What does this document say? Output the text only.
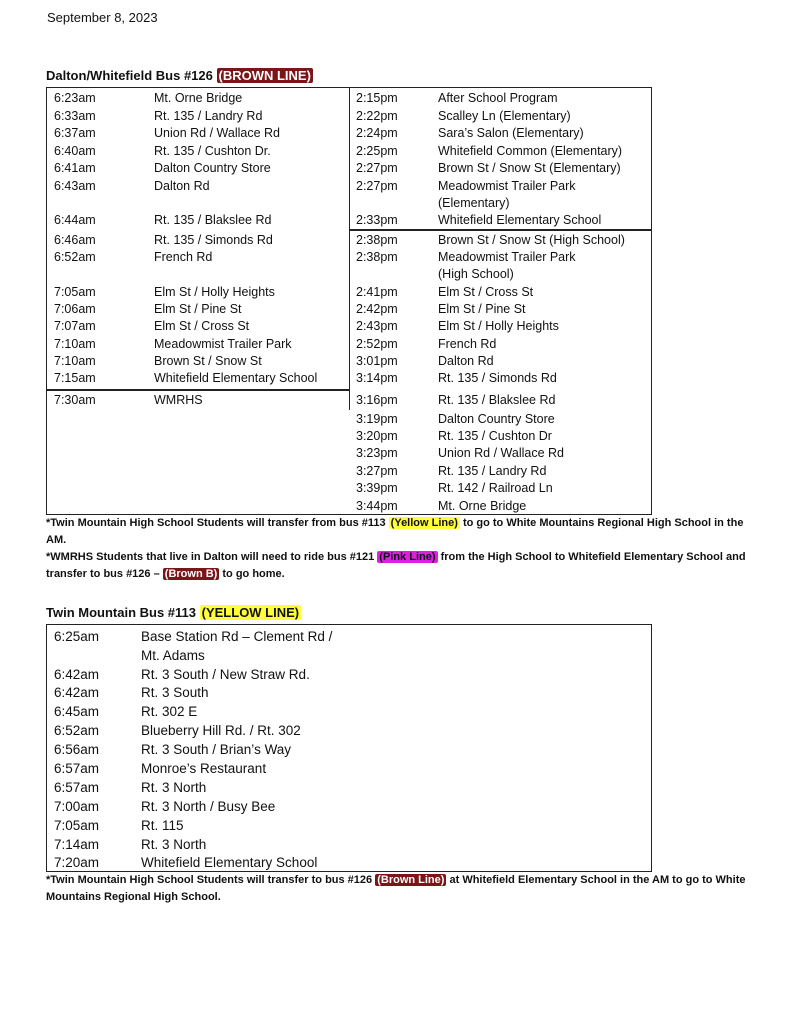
September 8, 2023
Dalton/Whitefield Bus #126 (BROWN LINE)
6:23am	Mt. Orne Bridge
6:33am	Rt. 135 / Landry Rd
6:37am	Union Rd / Wallace Rd
6:40am	Rt. 135 / Cushton Dr.
6:41am	Dalton Country Store
6:43am	Dalton Rd
6:44am	Rt. 135 / Blakslee Rd
6:46am	Rt. 135 / Simonds Rd
6:52am	French Rd
7:05am	Elm St / Holly Heights
7:06am	Elm St / Pine St
7:07am	Elm St / Cross St
7:10am	Meadowmist Trailer Park
7:10am	Brown St / Snow St
7:15am	Whitefield Elementary School
7:30am	WMRHS
2:15pm	After School Program
2:22pm	Scalley Ln (Elementary)
2:24pm	Sara’s Salon (Elementary)
2:25pm	Whitefield Common (Elementary)
2:27pm	Brown St / Snow St (Elementary)
2:27pm	Meadowmist Trailer Park
(Elementary)
2:33pm	Whitefield Elementary School
2:38pm	Brown St / Snow St (High School)
2:38pm	Meadowmist Trailer Park
(High School)
2:41pm	Elm St / Cross St
2:42pm	Elm St / Pine St
2:43pm	Elm St / Holly Heights
2:52pm	French Rd
3:01pm	Dalton Rd
3:14pm	Rt. 135 / Simonds Rd
3:16pm	Rt. 135 / Blakslee Rd
3:19pm	Dalton Country Store
3:20pm	Rt. 135 / Cushton Dr
3:23pm	Union Rd / Wallace Rd
3:27pm	Rt. 135 / Landry Rd
3:39pm	Rt. 142 / Railroad Ln
3:44pm	Mt. Orne Bridge
*Twin Mountain High School Students will transfer from bus #113 (Yellow Line) to go to White Mountains Regional High School in the AM.
*WMRHS Students that live in Dalton will need to ride bus #121 (Pink Line) from the High School to Whitefield Elementary School and transfer to bus #126 – (Brown B) to go home.
Twin Mountain Bus #113 (YELLOW LINE)
6:25am	Base Station Rd – Clement Rd /
Mt. Adams
6:42am	Rt. 3 South / New Straw Rd.
6:42am	Rt. 3 South
6:45am	Rt. 302 E
6:52am	Blueberry Hill Rd. / Rt. 302
6:56am	Rt. 3 South / Brian’s Way
6:57am	Monroe’s Restaurant
6:57am	Rt. 3 North
7:00am	Rt. 3 North / Busy Bee
7:05am	Rt. 115
7:14am	Rt. 3 North
7:20am	Whitefield Elementary School
*Twin Mountain High School Students will transfer to bus #126 (Brown Line) at Whitefield Elementary School in the AM to go to White Mountains Regional High School.
